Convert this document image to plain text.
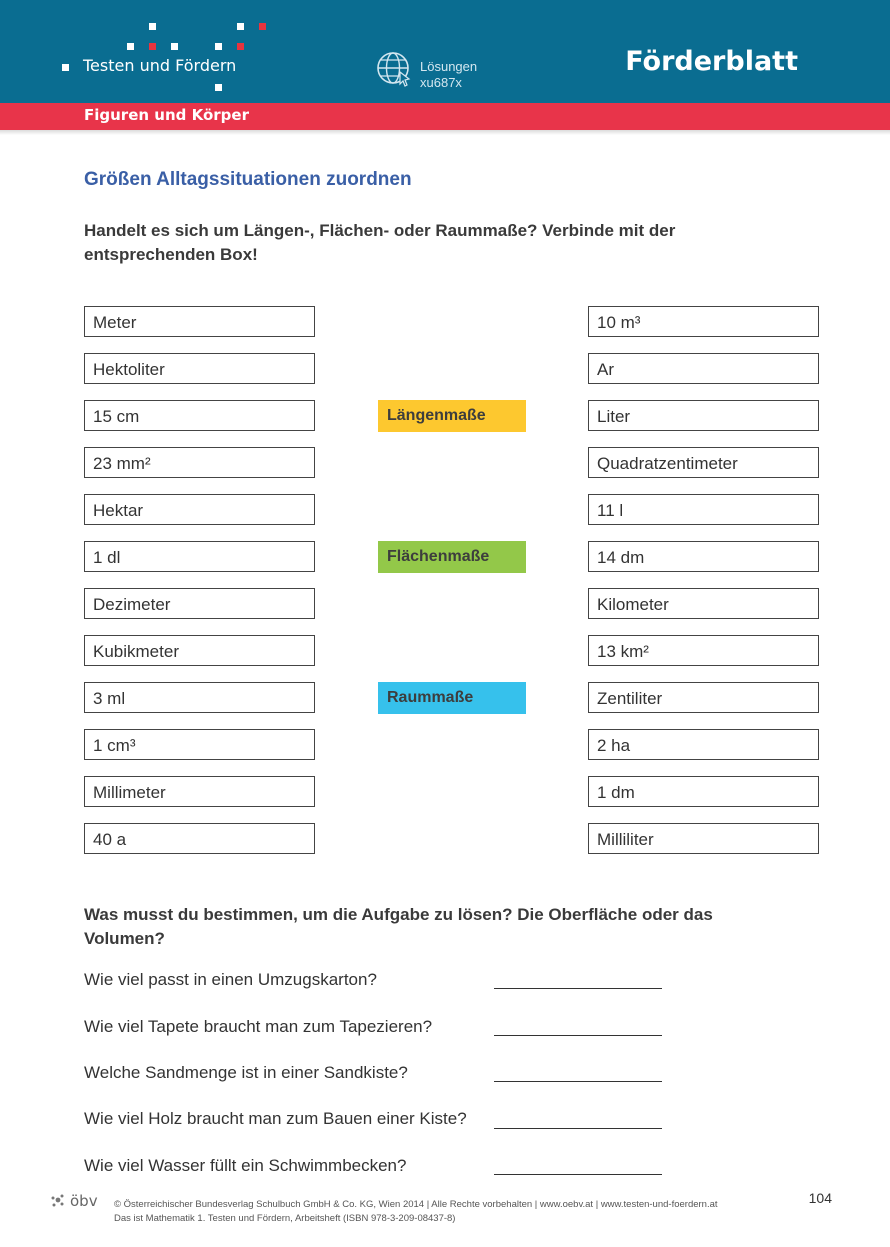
Testen und Fördern	Lösungen
xu687x
Förderblatt
Figuren und Körper
Größen Alltagssituationen zuordnen
Handelt es sich um Längen-, Flächen- oder Raummaße? Verbinde mit der entsprechenden Box!
Meter
Hektoliter
15 cm
23 mm²
Hektar
1 dl
Dezimeter
Kubikmeter
3 ml
1 cm³
Millimeter
40 a
Längenmaße
Flächenmaße
Raummaße
10 m³
Ar
Liter
Quadratzentimeter
11 l
14 dm
Kilometer
13 km²
Zentiliter
2 ha
1 dm
Milliliter
Was musst du bestimmen, um die Aufgabe zu lösen? Die Oberfläche oder das Volumen?
Wie viel passt in einen Umzugskarton?
Wie viel Tapete braucht man zum Tapezieren?
Welche Sandmenge ist in einer Sandkiste?
Wie viel Holz braucht man zum Bauen einer Kiste?
Wie viel Wasser füllt ein Schwimmbecken?
öbv © Österreichischer Bundesverlag Schulbuch GmbH & Co. KG, Wien 2014 | Alle Rechte vorbehalten | www.oebv.at | www.testen-und-foerdern.at
Das ist Mathematik 1. Testen und Fördern, Arbeitsheft (ISBN 978-3-209-08437-8)
104
